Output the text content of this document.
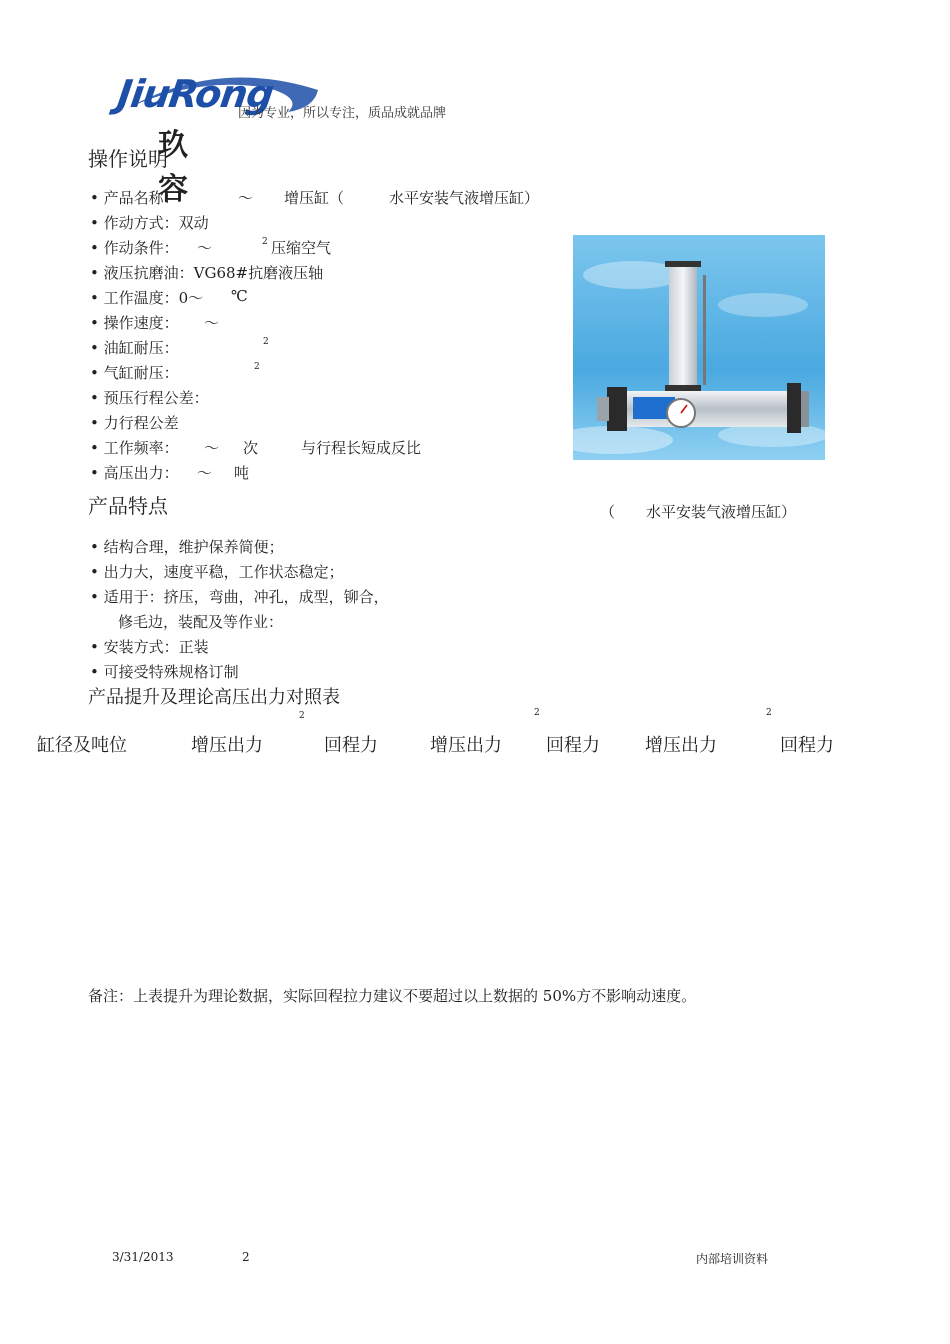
JiuRong
玖 容
因为专业，所以专注，质品成就品牌
操作说明
• 产品名称：	～ 增压缸（	水平安装气液增压缸）
• 作动方式：双动
• 作动条件： ～	2 压缩空气
• 液压抗磨油：VG68#抗磨液压轴
• 工作温度：0～ ℃
• 操作速度： ～
• 油缸耐压：	2
• 气缸耐压：	2
• 预压行程公差：
• 力行程公差
• 工作频率： ～ 次	与行程长短成反比
• 高压出力： ～ 吨
（ 水平安装气液增压缸）
产品特点
• 结构合理，维护保养简便；
• 出力大，速度平稳，工作状态稳定；
• 适用于：挤压，弯曲，冲孔，成型，铆合，
修毛边，装配及等作业：
• 安装方式：正装
• 可接受特殊规格订制
产品提升及理论高压出力对照表
2	2	2
缸径及吨位	增压出力	回程力	增压出力 回程力	增压出力	回程力
备注：上表提升为理论数据，实际回程拉力建议不要超过以上数据的 50%方不影响动速度。
3/31/2013	2	内部培训资料
